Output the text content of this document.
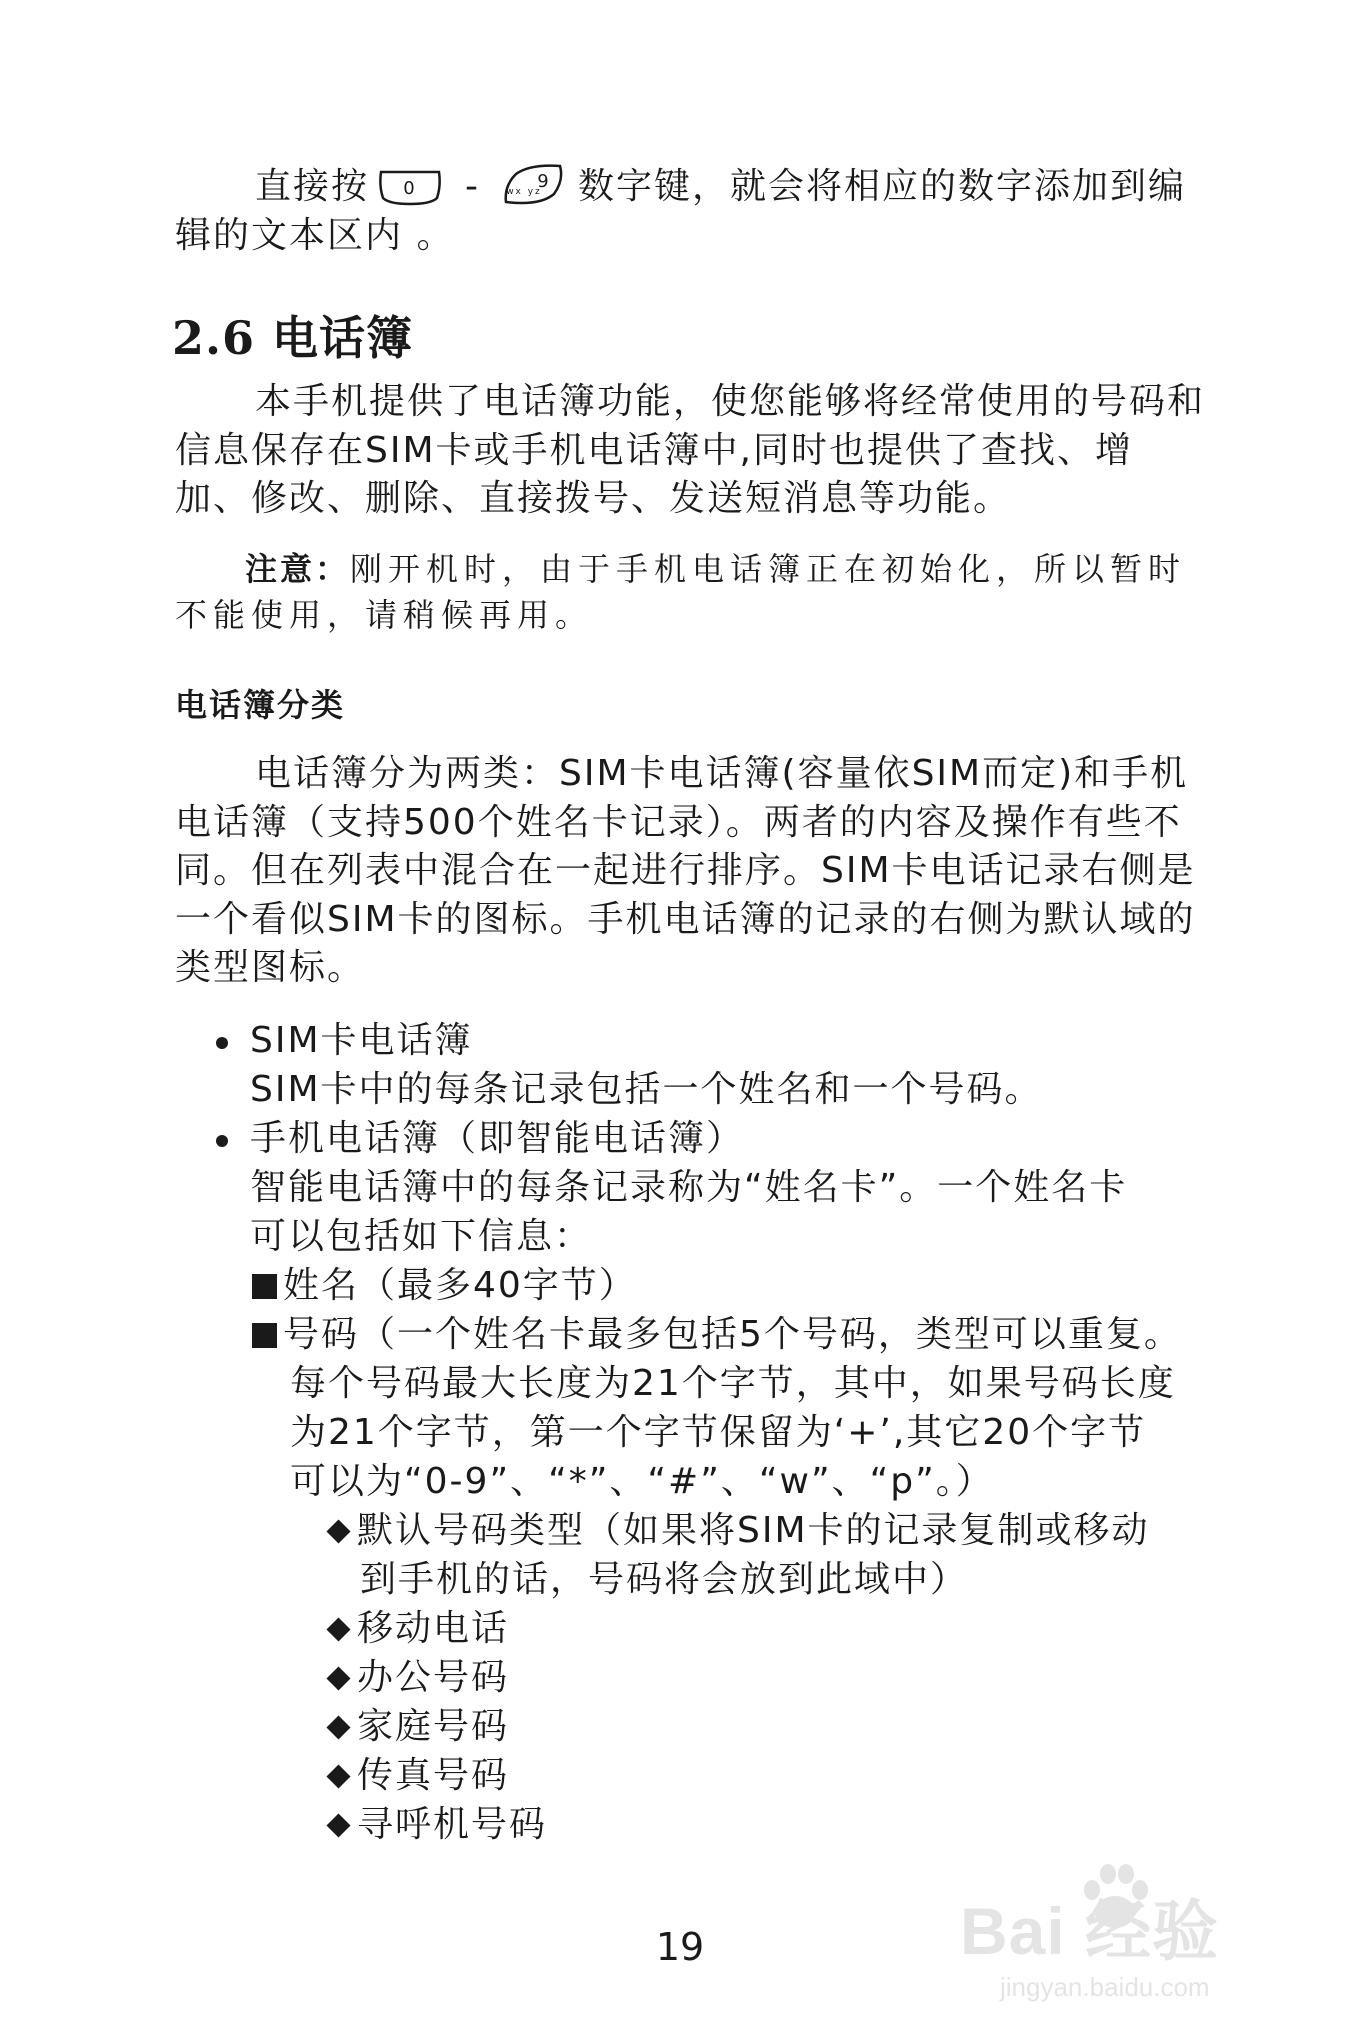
直接按 0 -	wx yz
9 数字键，就会将相应的数字添加到编

辑的文本区内 。

2.6 电话簿

本手机提供了电话簿功能，使您能够将经常使用的号码和信息保存在SIM卡或手机电话簿中,同时也提供了查找、增加、修改、删除、直接拨号、发送短消息等功能。

注意：刚开机时，由于手机电话簿正在初始化，所以暂时不能使用，请稍候再用。

电话簿分类

电话簿分为两类：SIM卡电话簿(容量依SIM而定)和手机电话簿（支持500个姓名卡记录）。两者的内容及操作有些不同。但在列表中混合在一起进行排序。SIM卡电话记录右侧是一个看似SIM卡的图标。手机电话簿的记录的右侧为默认域的类型图标。

SIM卡电话簿

SIM卡中的每条记录包括一个姓名和一个号码。

手机电话簿（即智能电话簿）

智能电话簿中的每条记录称为“姓名卡”。一个姓名卡

可以包括如下信息：

姓名（最多40字节）

号码（一个姓名卡最多包括5个号码，类型可以重复。

每个号码最大长度为21个字节，其中，如果号码长度

为21个字节，第一个字节保留为‘+’,其它20个字节

可以为“0-9”、“*”、“#”、“w”、“p”。）

默认号码类型（如果将SIM卡的记录复制或移动

到手机的话，号码将会放到此域中）

移动电话

办公号码

家庭号码

传真号码

寻呼机号码

19	Bai 经验
jingyan.baidu.com
